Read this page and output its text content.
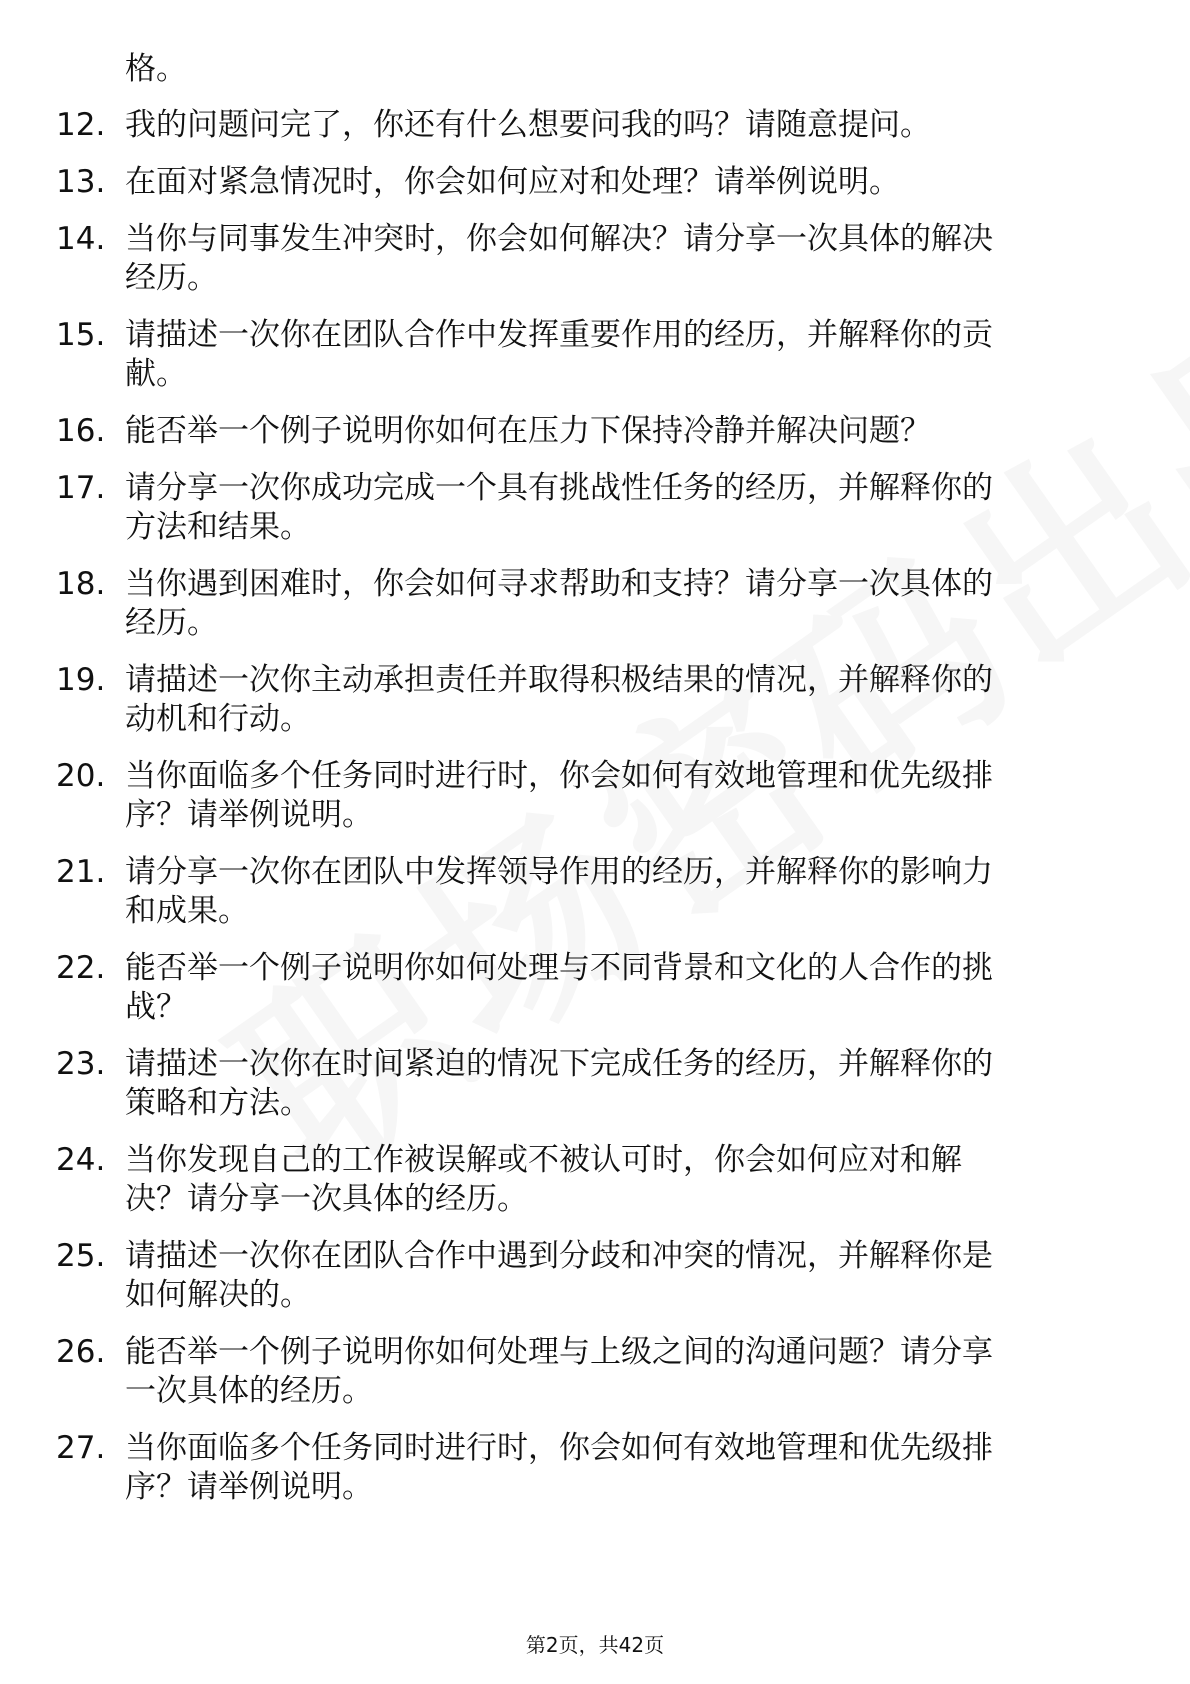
格。
12. 我的问题问完了，你还有什么想要问我的吗？请随意提问。
13. 在面对紧急情况时，你会如何应对和处理？请举例说明。
14. 当你与同事发生冲突时，你会如何解决？请分享一次具体的解决
经历。
15. 请描述一次你在团队合作中发挥重要作用的经历，并解释你的贡
献。
16. 能否举一个例子说明你如何在压力下保持冷静并解决问题？
17. 请分享一次你成功完成一个具有挑战性任务的经历，并解释你的
方法和结果。
18. 当你遇到困难时，你会如何寻求帮助和支持？请分享一次具体的
经历。
19. 请描述一次你主动承担责任并取得积极结果的情况，并解释你的
动机和行动。
20. 当你面临多个任务同时进行时，你会如何有效地管理和优先级排
序？请举例说明。
21. 请分享一次你在团队中发挥领导作用的经历，并解释你的影响力
和成果。
22. 能否举一个例子说明你如何处理与不同背景和文化的人合作的挑
战？
23. 请描述一次你在时间紧迫的情况下完成任务的经历，并解释你的
策略和方法。
24. 当你发现自己的工作被误解或不被认可时，你会如何应对和解
决？请分享一次具体的经历。
25. 请描述一次你在团队合作中遇到分歧和冲突的情况，并解释你是
如何解决的。
26. 能否举一个例子说明你如何处理与上级之间的沟通问题？请分享
一次具体的经历。
27. 当你面临多个任务同时进行时，你会如何有效地管理和优先级排
序？请举例说明。
第2页，共42页
